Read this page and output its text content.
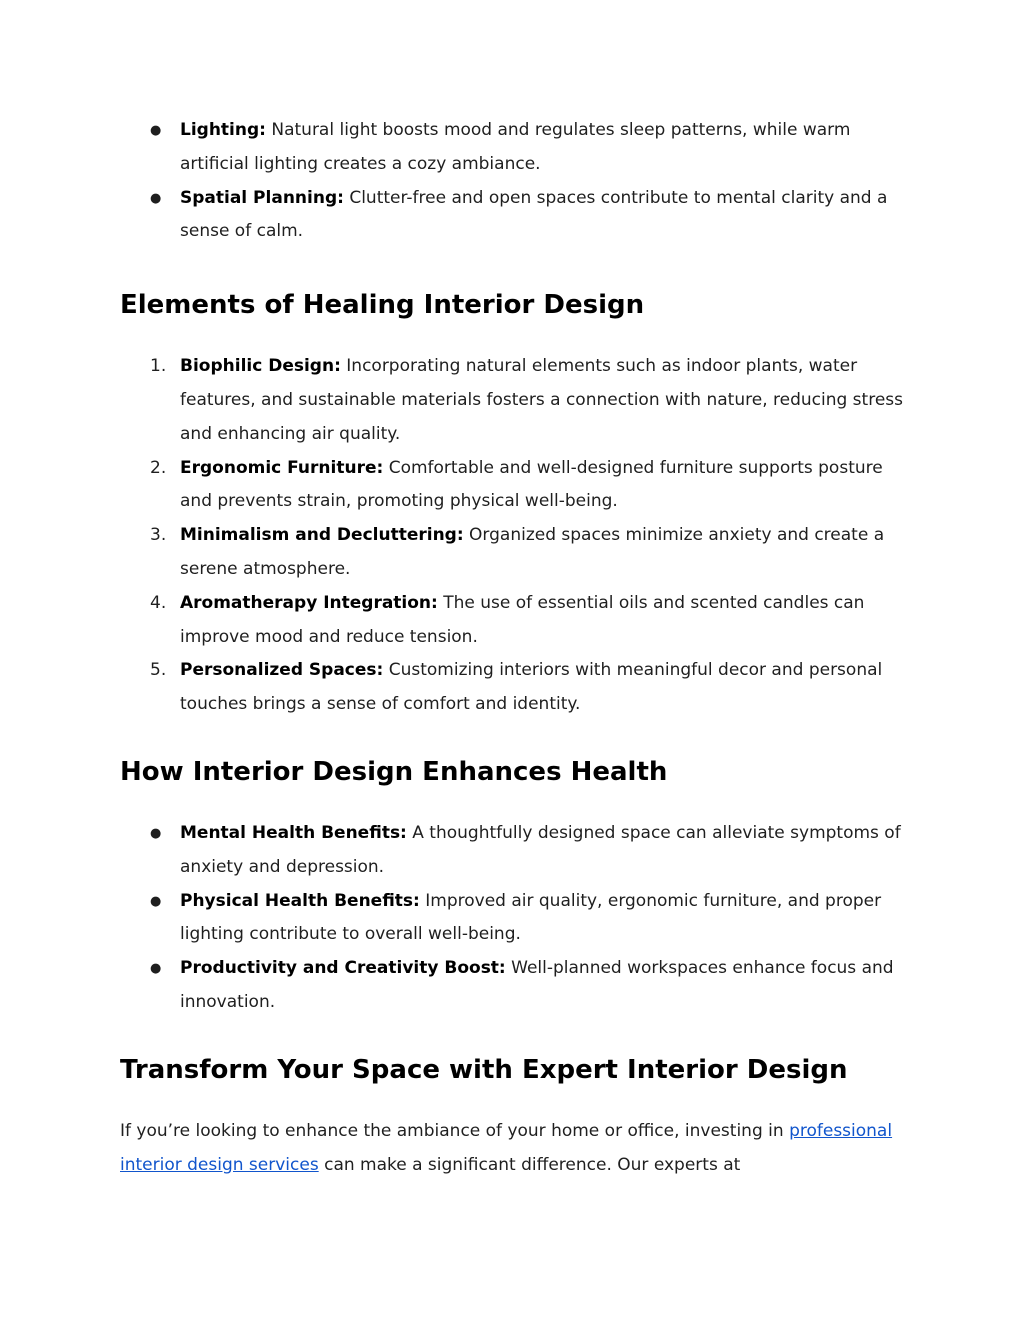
●	Lighting: Natural light boosts mood and regulates sleep patterns, while warm artificial lighting creates a cozy ambiance.
●	Spatial Planning: Clutter-free and open spaces contribute to mental clarity and a sense of calm.
Elements of Healing Interior Design
1. Biophilic Design: Incorporating natural elements such as indoor plants, water features, and sustainable materials fosters a connection with nature, reducing stress and enhancing air quality.
2. Ergonomic Furniture: Comfortable and well-designed furniture supports posture and prevents strain, promoting physical well-being.
3. Minimalism and Decluttering: Organized spaces minimize anxiety and create a serene atmosphere.
4. Aromatherapy Integration: The use of essential oils and scented candles can improve mood and reduce tension.
5. Personalized Spaces: Customizing interiors with meaningful decor and personal touches brings a sense of comfort and identity.
How Interior Design Enhances Health
●	Mental Health Benefits: A thoughtfully designed space can alleviate symptoms of anxiety and depression.
●	Physical Health Benefits: Improved air quality, ergonomic furniture, and proper lighting contribute to overall well-being.
●	Productivity and Creativity Boost: Well-planned workspaces enhance focus and innovation.
Transform Your Space with Expert Interior Design

If you’re looking to enhance the ambiance of your home or office, investing in professional interior design services can make a significant difference. Our experts at
